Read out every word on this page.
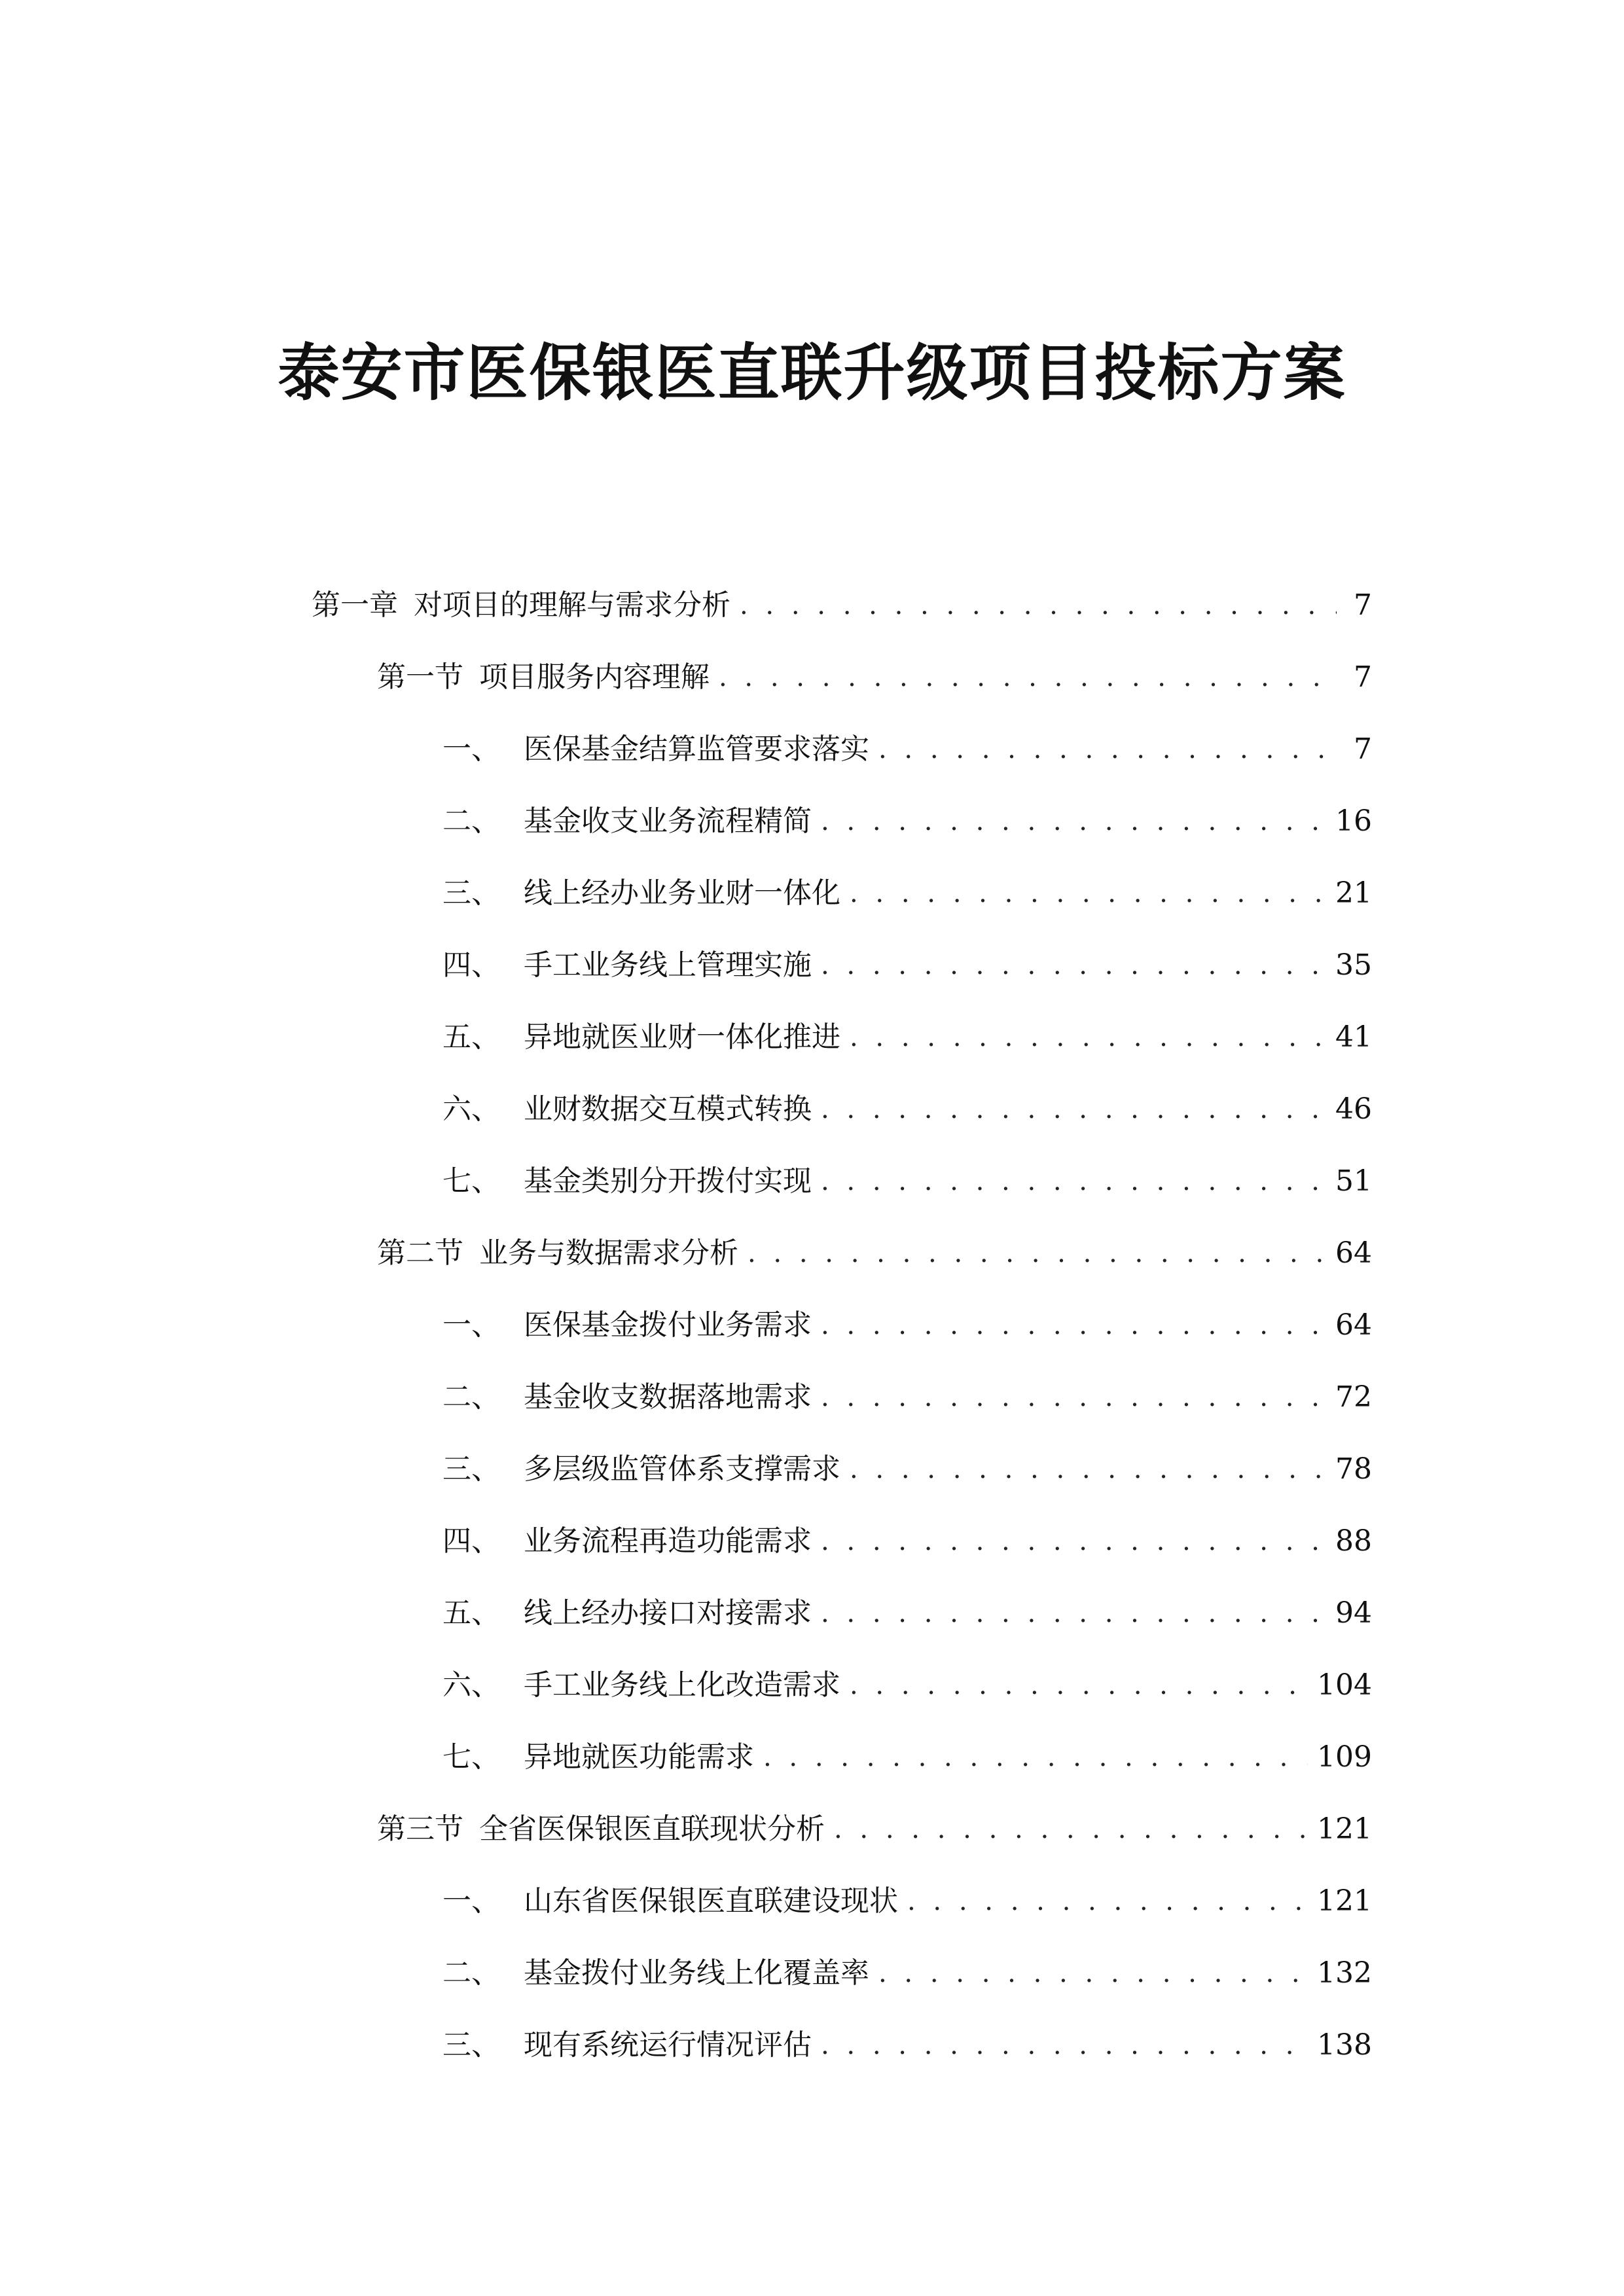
泰安市医保银医直联升级项目投标方案
第一章 对项目的理解与需求分析 . . .	7
第一节 项目服务内容理解 . . .	7
一、 医保基金结算监管要求落实 . . .	7
二、 基金收支业务流程精简 . . .	16
三、 线上经办业务业财一体化 . . .	21
四、 手工业务线上管理实施 . . .	35
五、 异地就医业财一体化推进 . . .	41
六、 业财数据交互模式转换 . . .	46
七、 基金类别分开拨付实现 . . .	51
第二节 业务与数据需求分析 . . .	64
一、 医保基金拨付业务需求 . . .	64
二、 基金收支数据落地需求 . . .	72
三、 多层级监管体系支撑需求 . . .	78
四、 业务流程再造功能需求 . . .	88
五、 线上经办接口对接需求 . . .	94
六、 手工业务线上化改造需求 . . .	104
七、 异地就医功能需求 . . .	109
第三节 全省医保银医直联现状分析 . . .	121
一、 山东省医保银医直联建设现状 . . .	121
二、 基金拨付业务线上化覆盖率 . . .	132
三、 现有系统运行情况评估 . . .	138
